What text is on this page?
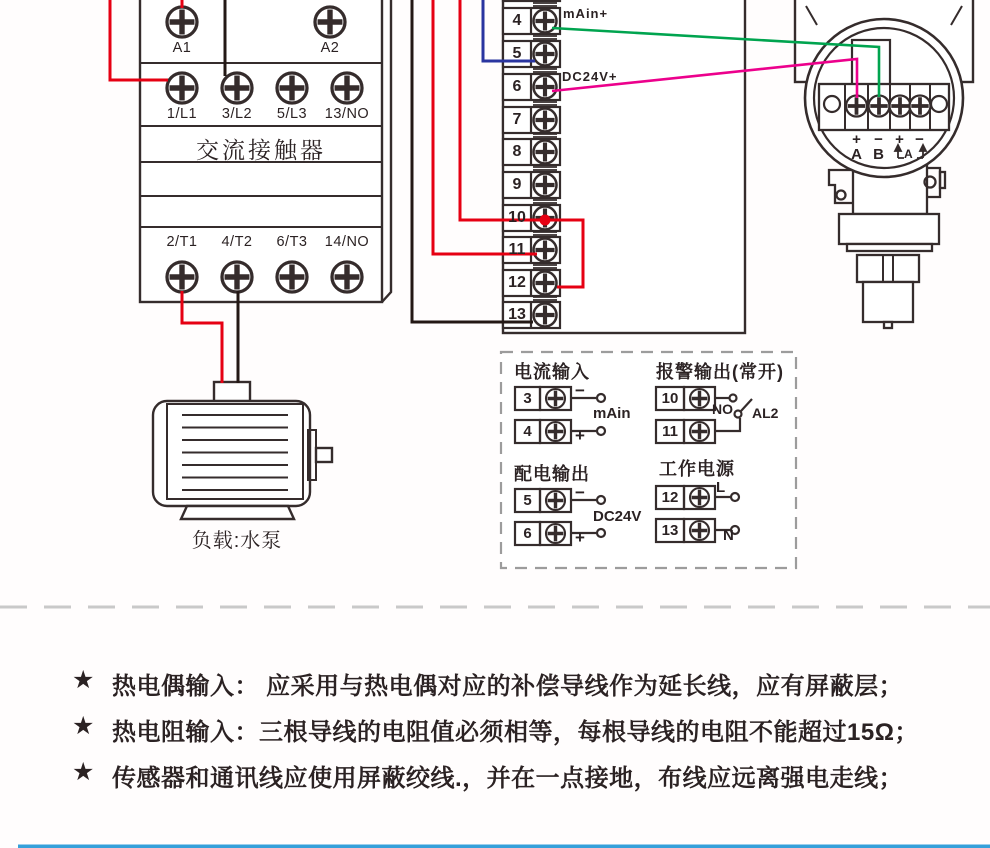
A1	A2
1/L1	3/L2	5/L3	13/NO
交流接触器
2/T1	4/T2	6/T3	14/NO
4
5
6
7
8
9
10
11
12
13
mAin+
DC24V+
+ − + −
A B A
负载:水泵
电流输入
3
4
−
+
mAin
报警输出(常开)
10
11
NO AL2
配电输出
5
6
−
+
DC24V
工作电源
12
13
L
N
★ 热电偶输入： 应采用与热电偶对应的补偿导线作为延长线，应有屏蔽层；
★ 热电阻输入：三根导线的电阻值必须相等，每根导线的电阻不能超过15Ω；
★ 传感器和通讯线应使用屏蔽绞线.，并在一点接地，布线应远离强电走线；
